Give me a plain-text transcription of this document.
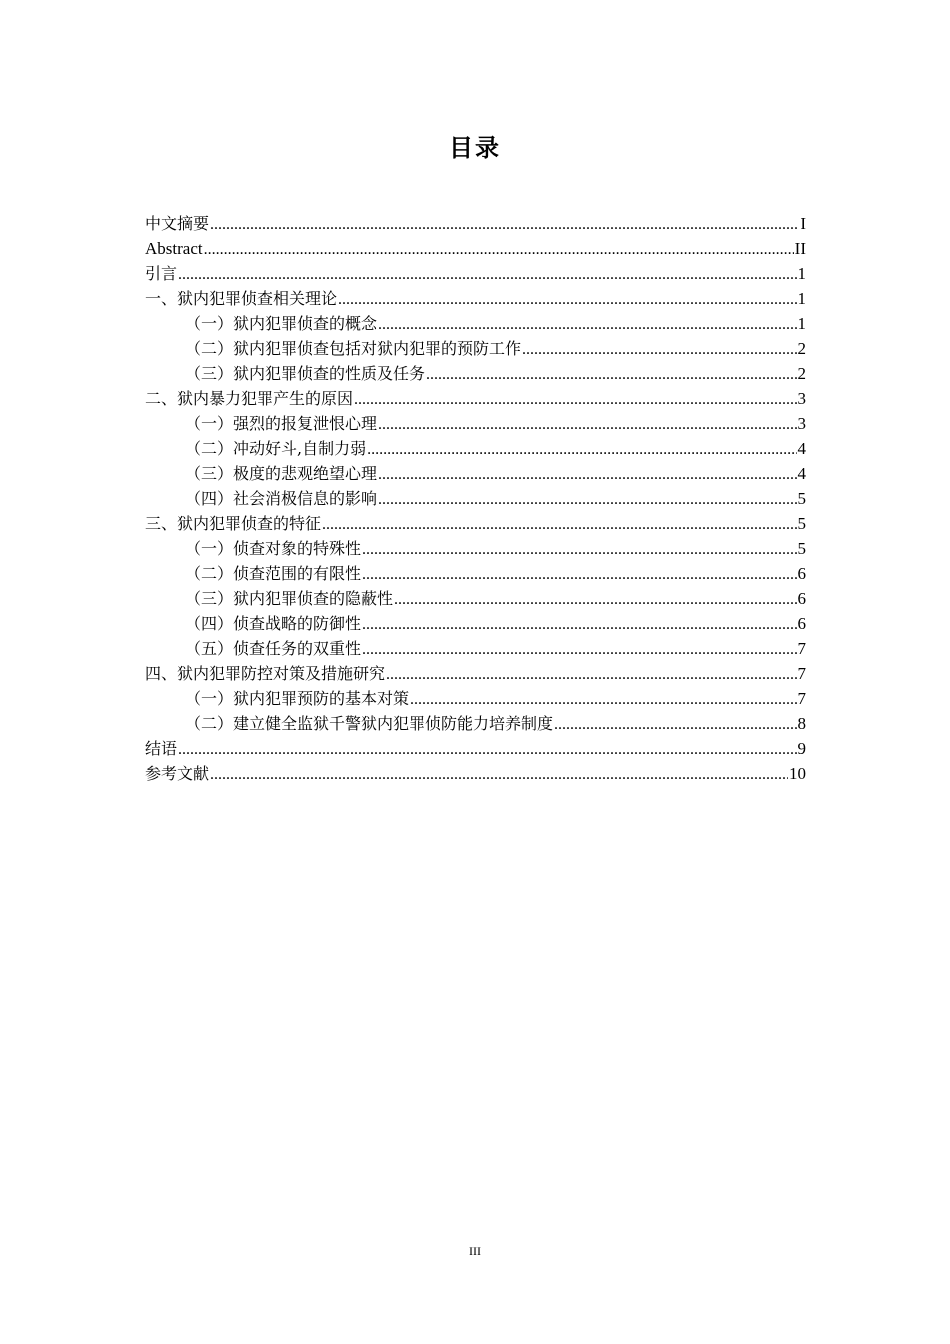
目录
中文摘要 .....	I
Abstract .....	II
引言 .....	1
一、狱内犯罪侦查相关理论 .....	1
（一）狱内犯罪侦查的概念 .....	1
（二）狱内犯罪侦查包括对狱内犯罪的预防工作 .....	2
（三）狱内犯罪侦查的性质及任务 .....	2
二、狱内暴力犯罪产生的原因 .....	3
（一）强烈的报复泄恨心理 .....	3
（二）冲动好斗,自制力弱 .....	4
（三）极度的悲观绝望心理 .....	4
（四）社会消极信息的影响 .....	5
三、狱内犯罪侦查的特征 .....	5
（一）侦查对象的特殊性 .....	5
（二）侦查范围的有限性 .....	6
（三）狱内犯罪侦查的隐蔽性 .....	6
（四）侦查战略的防御性 .....	6
（五）侦查任务的双重性 .....	7
四、狱内犯罪防控对策及措施研究 .....	7
（一）狱内犯罪预防的基本对策 .....	7
（二）建立健全监狱千警狱内犯罪侦防能力培养制度 .....	8
结语 .....	9
参考文献 .....	10
III
